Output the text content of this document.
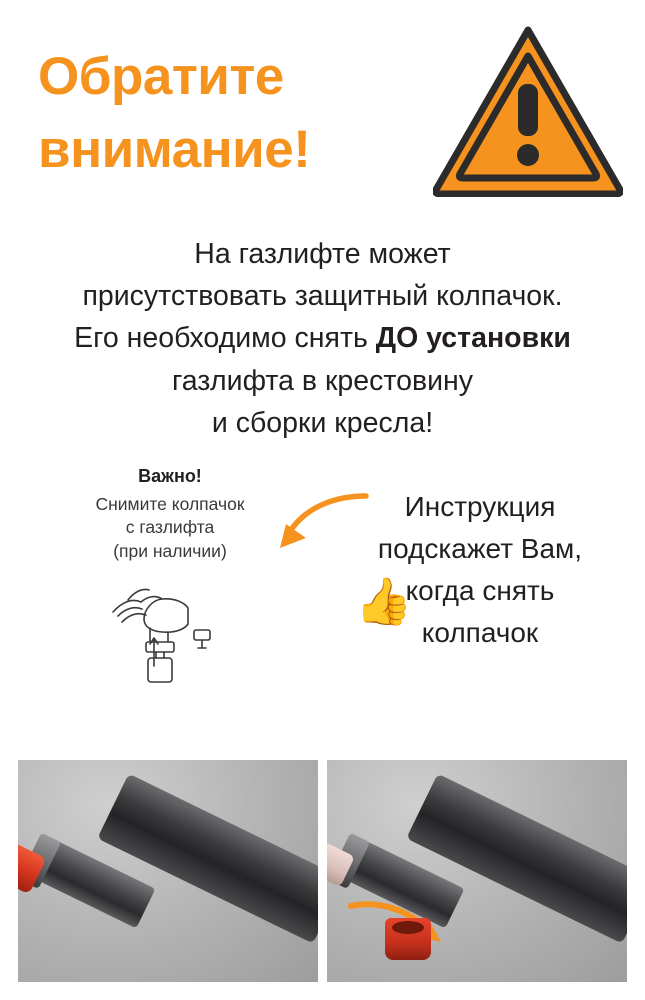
Обратите
внимание!
На газлифте может
присутствовать защитный колпачок.
Его необходимо снять ДО установки
газлифта в крестовину
и сборки кресла!
Важно!
Снимите колпачок
с газлифта
(при наличии)
Инструкция
подскажет Вам,
когда снять
колпачок
👍
